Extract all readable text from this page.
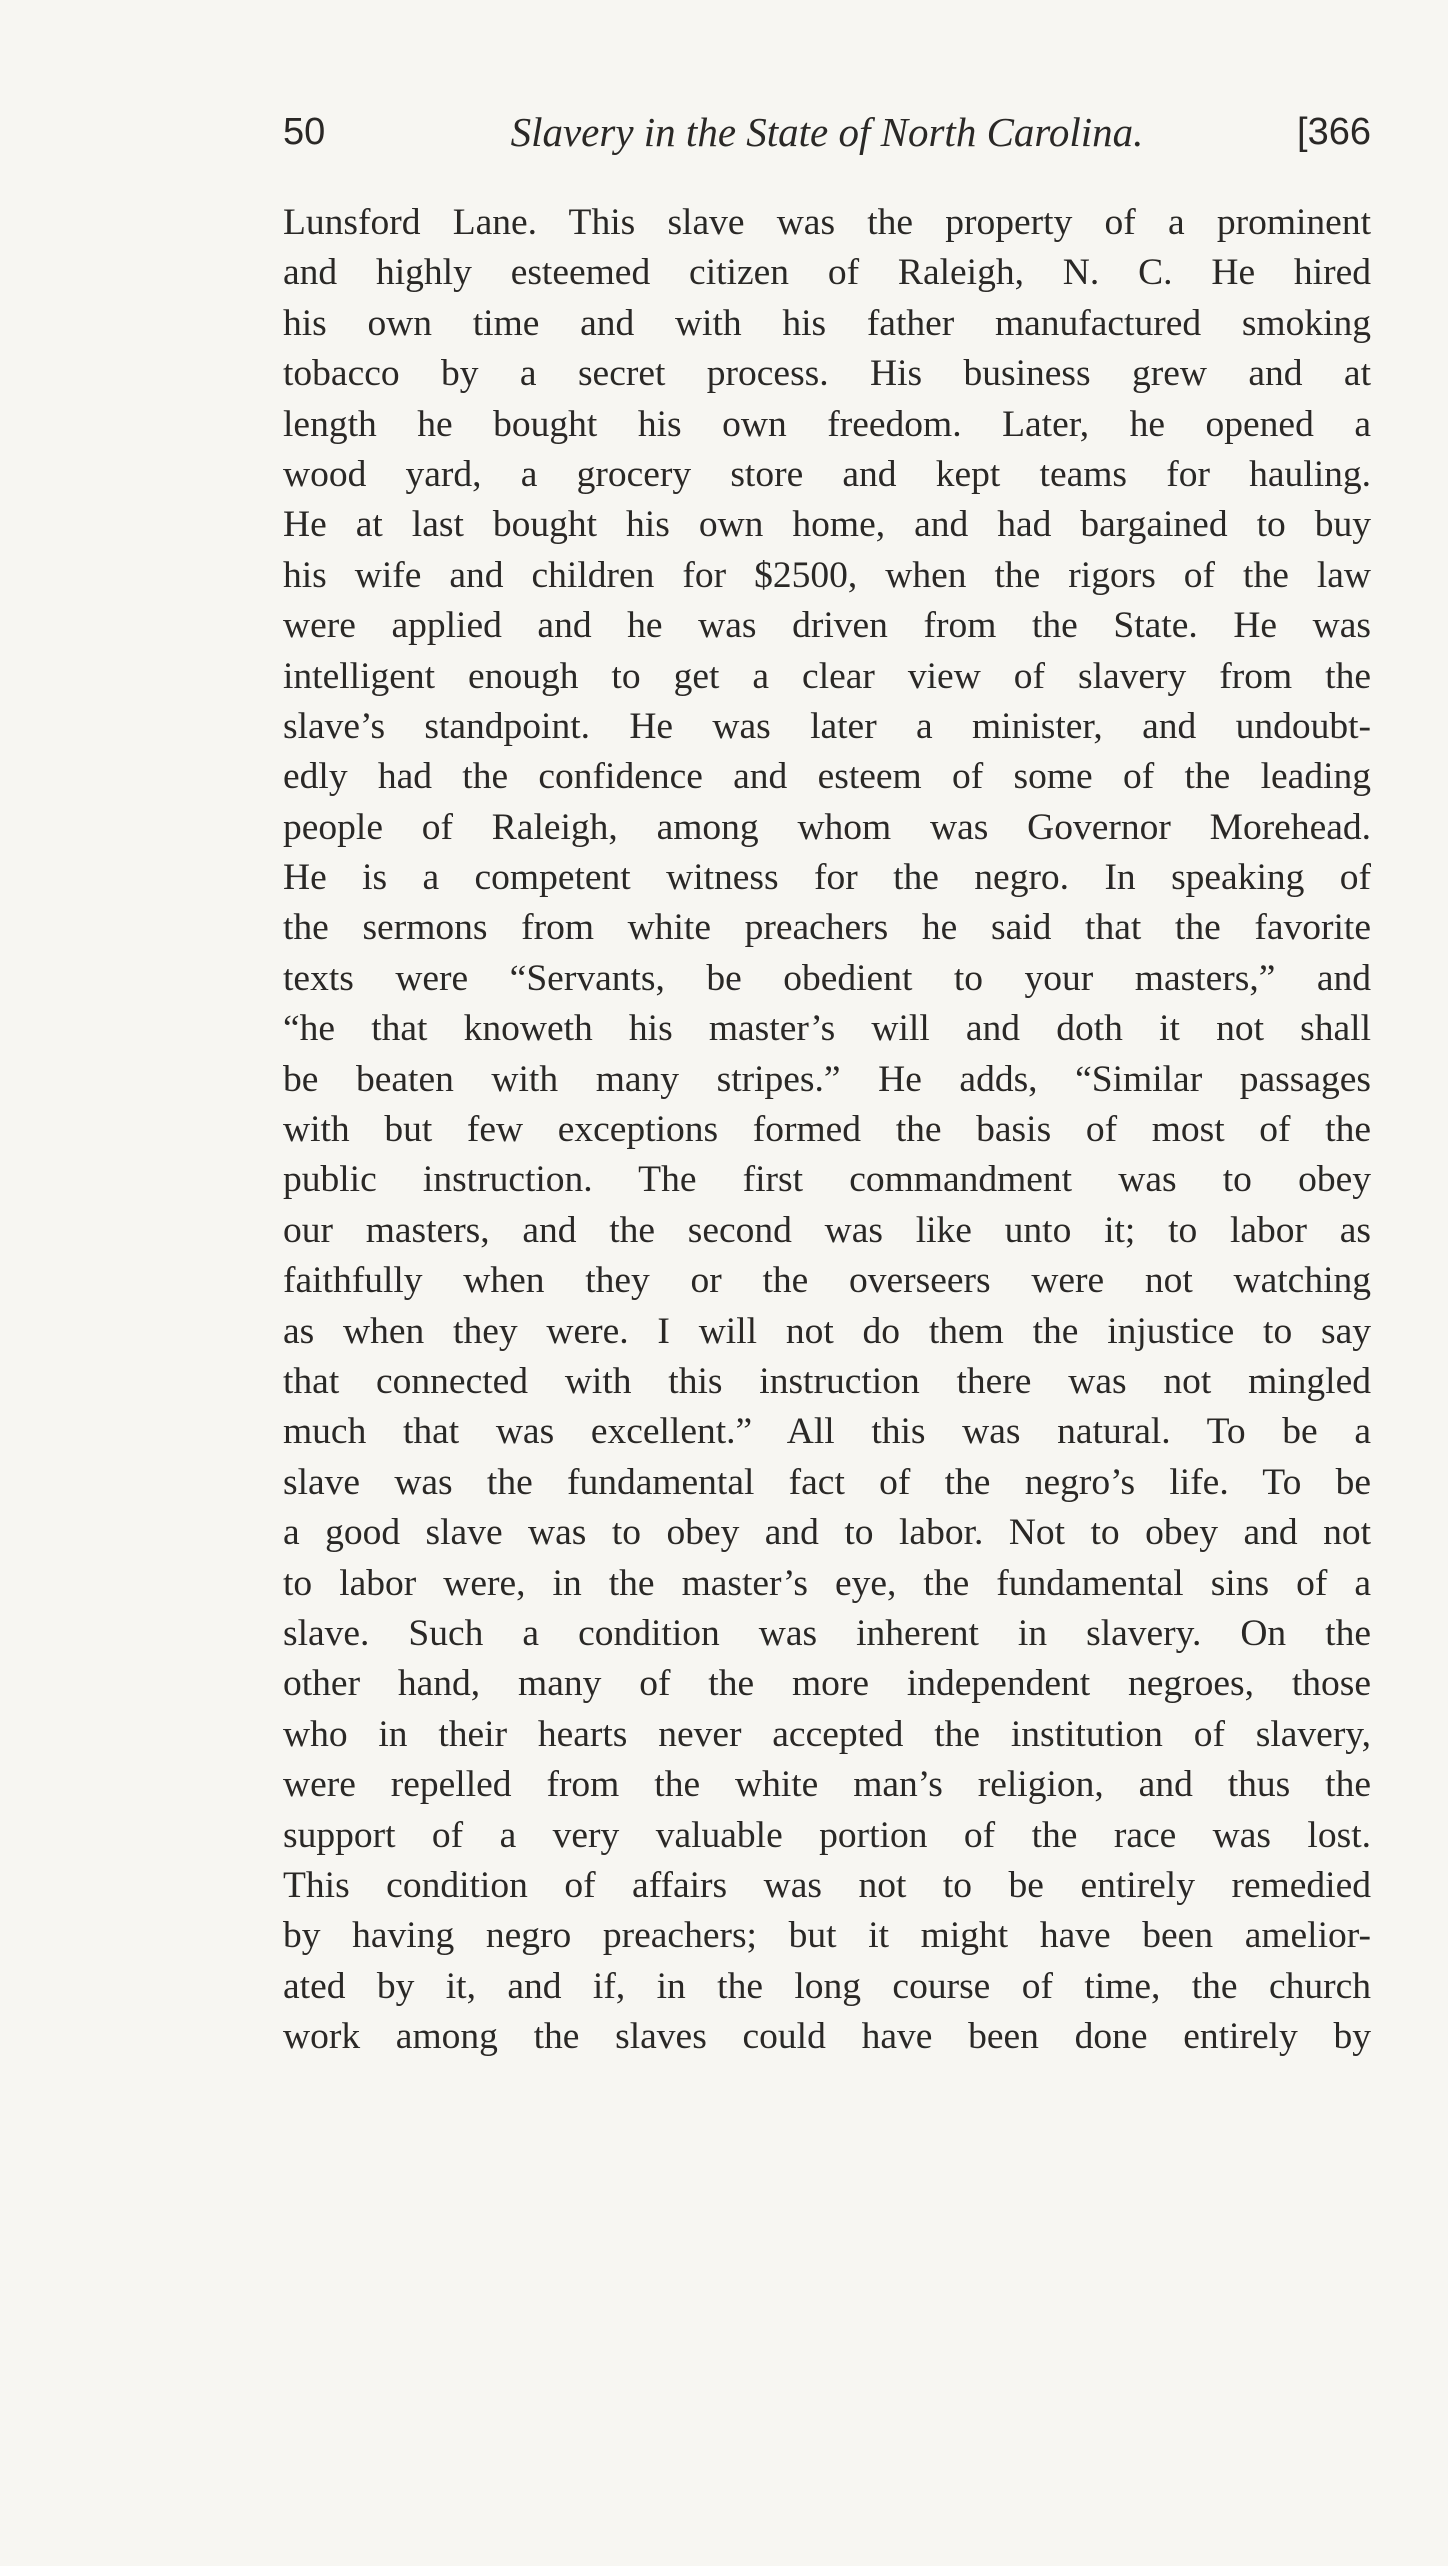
50	Slavery in the State of North Carolina.	[366
Lunsford Lane. This slave was the property of a prominent
and highly esteemed citizen of Raleigh, N. C. He hired
his own time and with his father manufactured smoking
tobacco by a secret process. His business grew and at
length he bought his own freedom. Later, he opened a
wood yard, a grocery store and kept teams for hauling.
He at last bought his own home, and had bargained to buy
his wife and children for $2500, when the rigors of the law
were applied and he was driven from the State. He was
intelligent enough to get a clear view of slavery from the
slave’s standpoint. He was later a minister, and undoubt-
edly had the confidence and esteem of some of the leading
people of Raleigh, among whom was Governor Morehead.
He is a competent witness for the negro. In speaking of
the sermons from white preachers he said that the favorite
texts were “Servants, be obedient to your masters,” and
“he that knoweth his master’s will and doth it not shall
be beaten with many stripes.” He adds, “Similar passages
with but few exceptions formed the basis of most of the
public instruction. The first commandment was to obey
our masters, and the second was like unto it; to labor as
faithfully when they or the overseers were not watching
as when they were. I will not do them the injustice to say
that connected with this instruction there was not mingled
much that was excellent.” All this was natural. To be a
slave was the fundamental fact of the negro’s life. To be
a good slave was to obey and to labor. Not to obey and not
to labor were, in the master’s eye, the fundamental sins of a
slave. Such a condition was inherent in slavery. On the
other hand, many of the more independent negroes, those
who in their hearts never accepted the institution of slavery,
were repelled from the white man’s religion, and thus the
support of a very valuable portion of the race was lost.
This condition of affairs was not to be entirely remedied
by having negro preachers; but it might have been amelior-
ated by it, and if, in the long course of time, the church
work among the slaves could have been done entirely by
